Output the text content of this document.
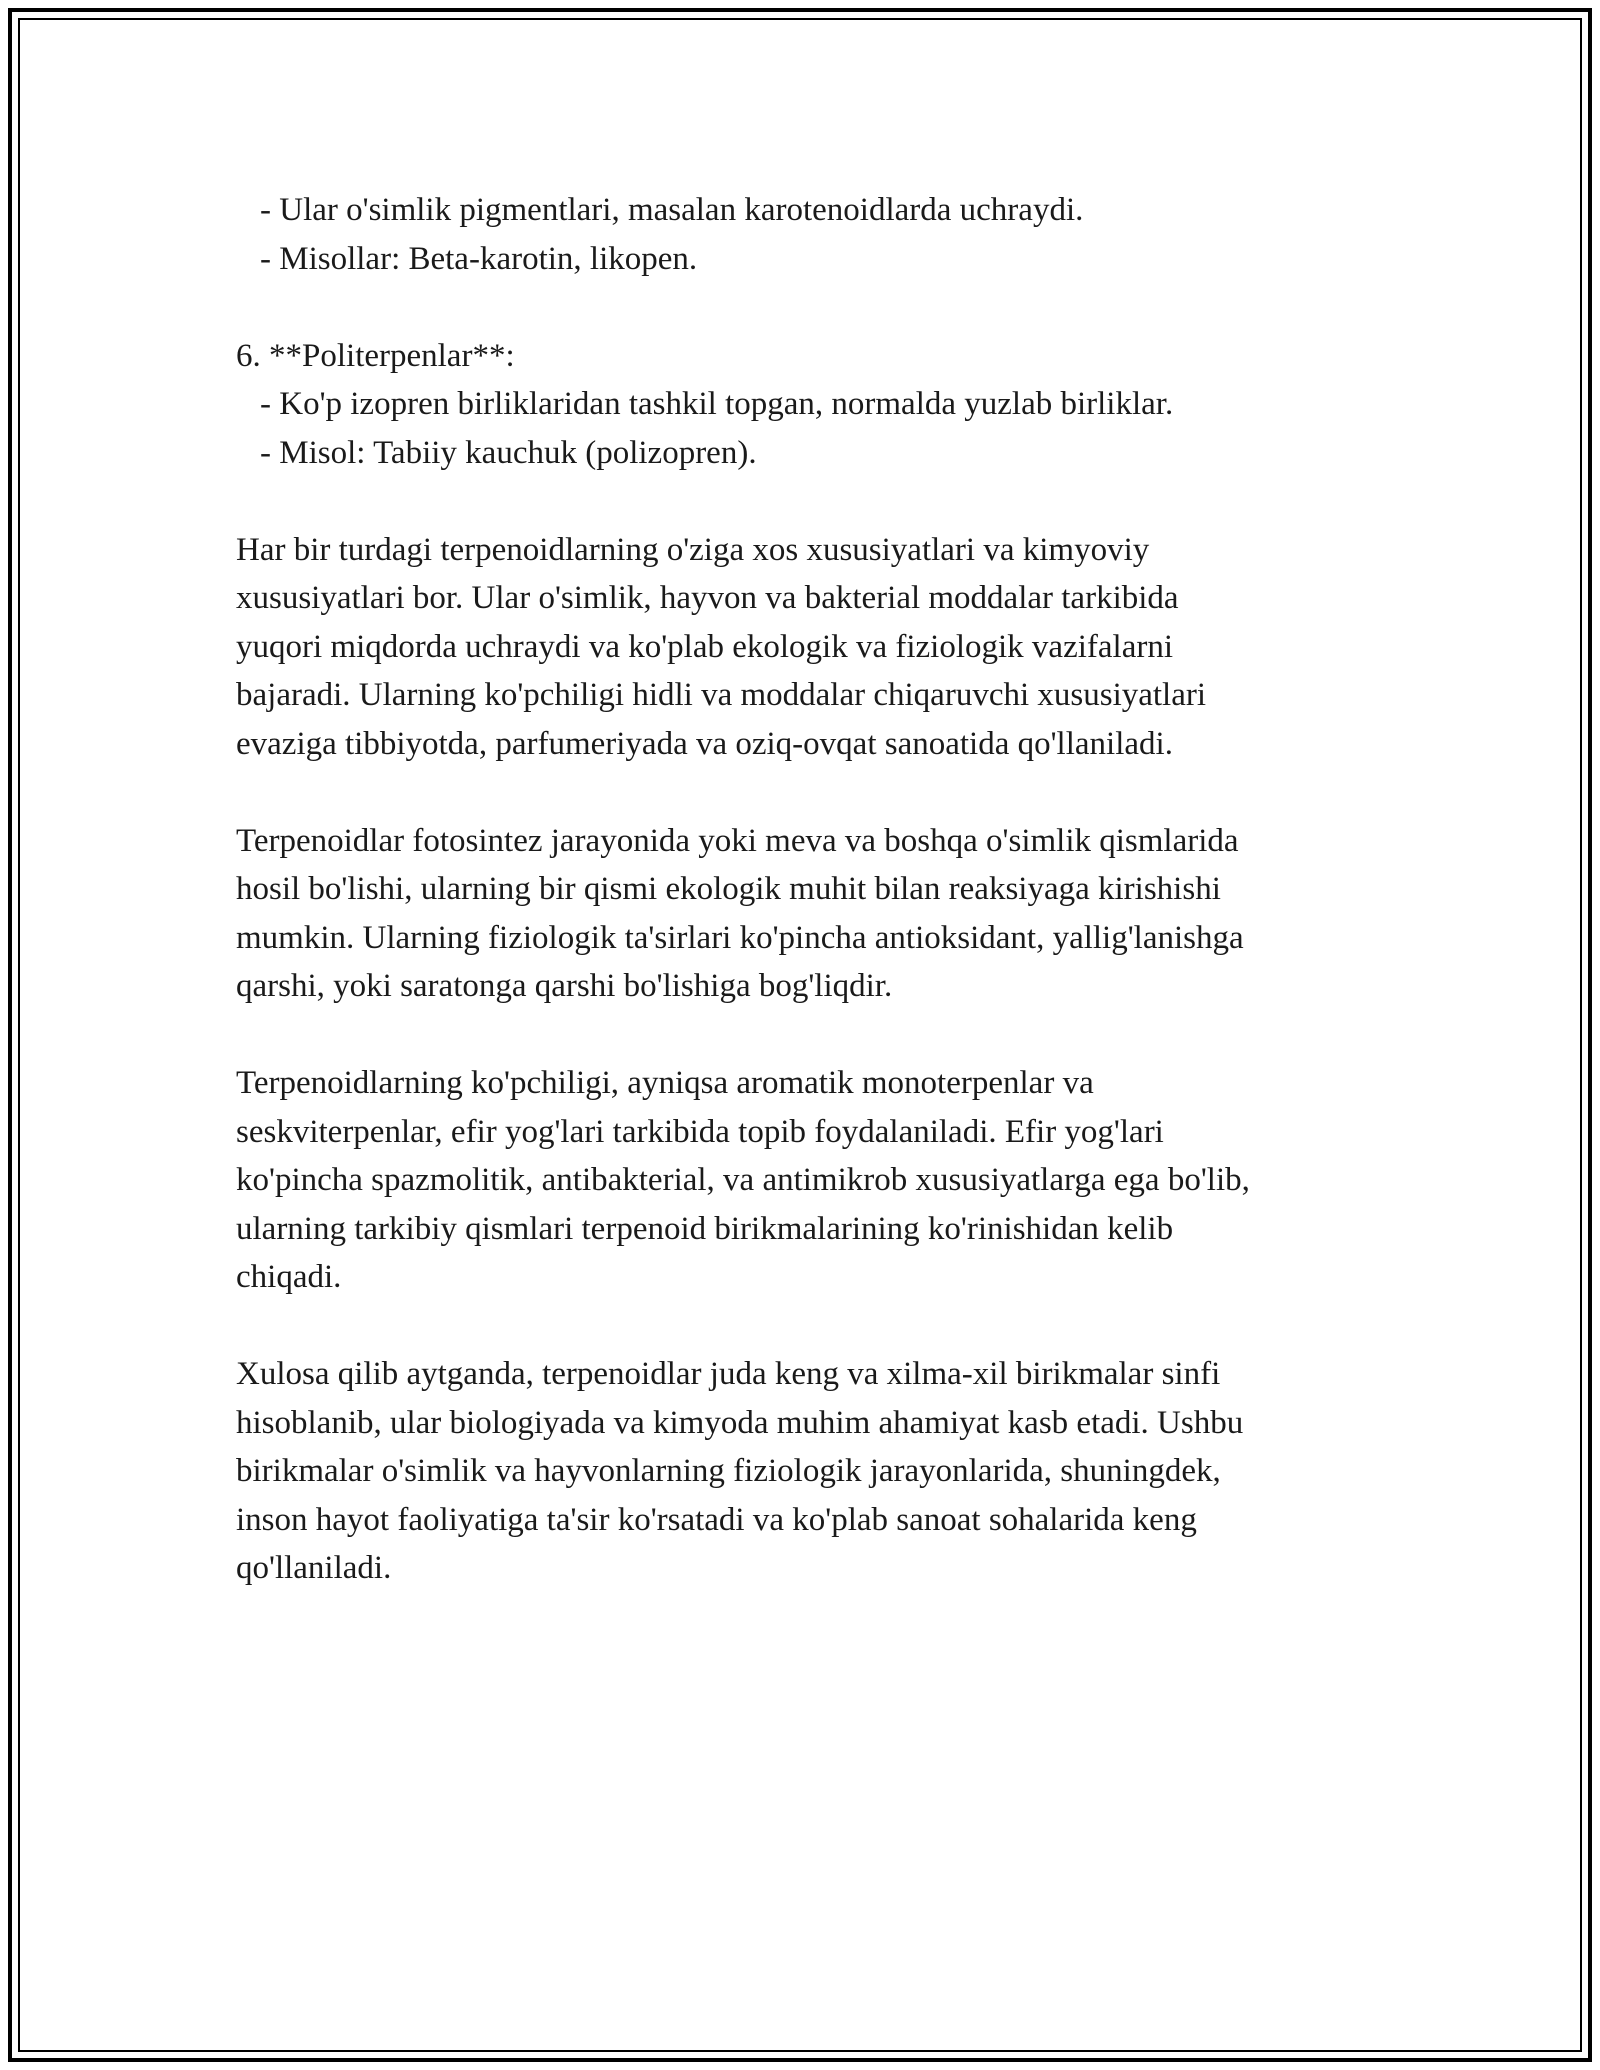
- Ular o'simlik pigmentlari, masalan karotenoidlarda uchraydi.

- Misollar: Beta-karotin, likopen.

6. **Politerpenlar**:

- Ko'p izopren birliklaridan tashkil topgan, normalda yuzlab birliklar.

- Misol: Tabiiy kauchuk (polizopren).

Har bir turdagi terpenoidlarning o'ziga xos xususiyatlari va kimyoviy

xususiyatlari bor. Ular o'simlik, hayvon va bakterial moddalar tarkibida

yuqori miqdorda uchraydi va ko'plab ekologik va fiziologik vazifalarni

bajaradi. Ularning ko'pchiligi hidli va moddalar chiqaruvchi xususiyatlari

evaziga tibbiyotda, parfumeriyada va oziq-ovqat sanoatida qo'llaniladi.

Terpenoidlar fotosintez jarayonida yoki meva va boshqa o'simlik qismlarida

hosil bo'lishi, ularning bir qismi ekologik muhit bilan reaksiyaga kirishishi

mumkin. Ularning fiziologik ta'sirlari ko'pincha antioksidant, yallig'lanishga

qarshi, yoki saratonga qarshi bo'lishiga bog'liqdir.

Terpenoidlarning ko'pchiligi, ayniqsa aromatik monoterpenlar va

seskviterpenlar, efir yog'lari tarkibida topib foydalaniladi. Efir yog'lari

ko'pincha spazmolitik, antibakterial, va antimikrob xususiyatlarga ega bo'lib,

ularning tarkibiy qismlari terpenoid birikmalarining ko'rinishidan kelib

chiqadi.

Xulosa qilib aytganda, terpenoidlar juda keng va xilma-xil birikmalar sinfi

hisoblanib, ular biologiyada va kimyoda muhim ahamiyat kasb etadi. Ushbu

birikmalar o'simlik va hayvonlarning fiziologik jarayonlarida, shuningdek,

inson hayot faoliyatiga ta'sir ko'rsatadi va ko'plab sanoat sohalarida keng

qo'llaniladi.
